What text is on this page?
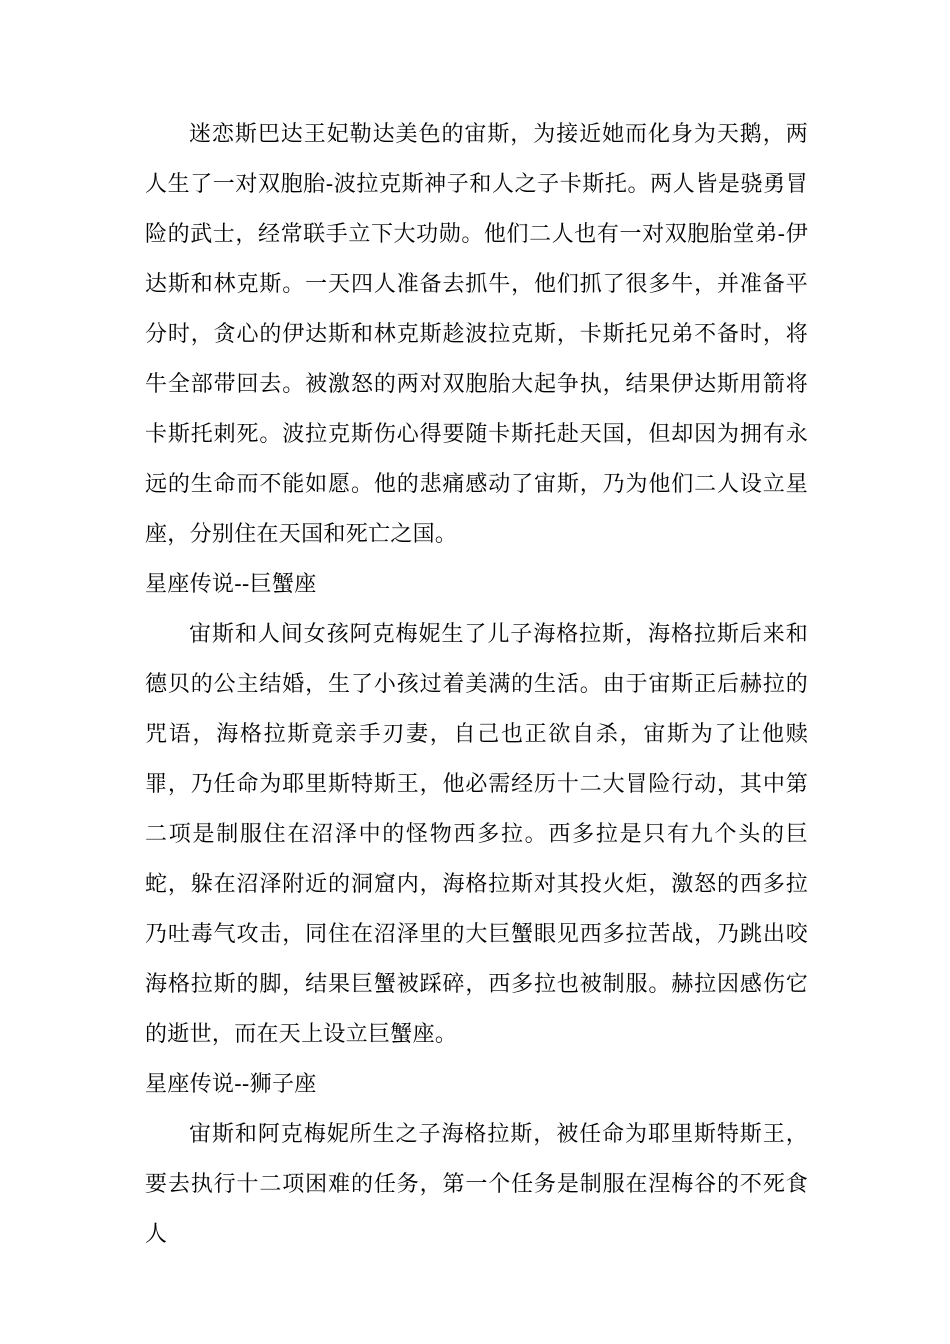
迷恋斯巴达王妃勒达美色的宙斯，为接近她而化身为天鹅，两人生了一对双胞胎-波拉克斯神子和人之子卡斯托。两人皆是骁勇冒险的武士，经常联手立下大功勋。他们二人也有一对双胞胎堂弟-伊达斯和林克斯。一天四人准备去抓牛，他们抓了很多牛，并准备平分时，贪心的伊达斯和林克斯趁波拉克斯，卡斯托兄弟不备时，将牛全部带回去。被激怒的两对双胞胎大起争执，结果伊达斯用箭将卡斯托刺死。波拉克斯伤心得要随卡斯托赴天国，但却因为拥有永远的生命而不能如愿。他的悲痛感动了宙斯，乃为他们二人设立星座，分别住在天国和死亡之国。

星座传说--巨蟹座

宙斯和人间女孩阿克梅妮生了儿子海格拉斯，海格拉斯后来和德贝的公主结婚，生了小孩过着美满的生活。由于宙斯正后赫拉的咒语，海格拉斯竟亲手刃妻，自己也正欲自杀，宙斯为了让他赎罪，乃任命为耶里斯特斯王，他必需经历十二大冒险行动，其中第二项是制服住在沼泽中的怪物西多拉。西多拉是只有九个头的巨蛇，躲在沼泽附近的洞窟内，海格拉斯对其投火炬，激怒的西多拉乃吐毒气攻击，同住在沼泽里的大巨蟹眼见西多拉苦战，乃跳出咬海格拉斯的脚，结果巨蟹被踩碎，西多拉也被制服。赫拉因感伤它的逝世，而在天上设立巨蟹座。

星座传说--狮子座

宙斯和阿克梅妮所生之子海格拉斯，被任命为耶里斯特斯王，要去执行十二项困难的任务，第一个任务是制服在涅梅谷的不死食人
